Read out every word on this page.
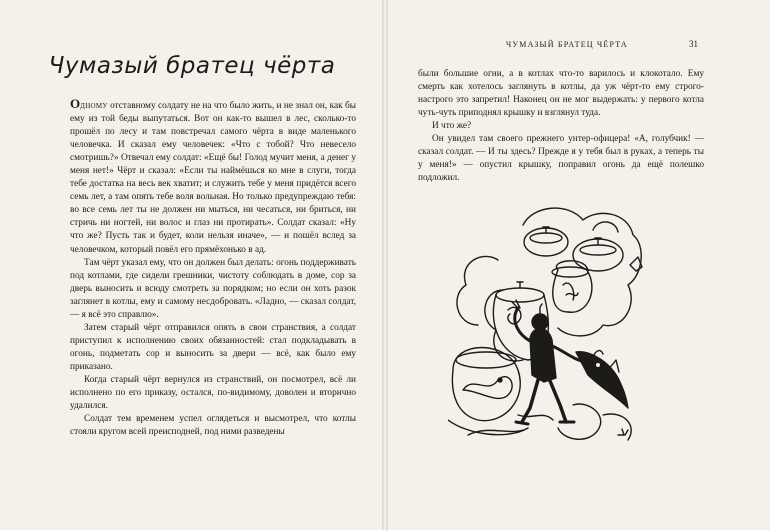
Чумазый братец чёрта

Одному отставному солдату не на что было жить, и не знал он, как бы ему из той беды выпутаться. Вот он как-то вышел в лес, сколько-то прошёл по лесу и там повстречал самого чёрта в виде маленького человечка. И сказал ему человечек: «Что с тобой? Что невесело смотришь?» Отвечал ему солдат: «Ещё бы! Голод мучит меня, а денег у меня нет!» Чёрт и сказал: «Если ты наймёшься ко мне в слуги, тогда тебе достатка на весь век хватит; и служить тебе у меня придётся всего семь лет, а там опять тебе воля вольная. Но только предупреждаю тебя: во все семь лет ты не должен ни мыться, ни чесаться, ни бриться, ни стричь ни ногтей, ни волос и глаз ни протирать». Солдат сказал: «Ну что же? Пусть так и будет, коли нельзя иначе», — и пошёл вслед за человечком, который повёл его прямёхонько в ад.

Там чёрт указал ему, что он должен был делать: огонь поддерживать под котлами, где сидели грешники, чистоту соблюдать в доме, сор за дверь выносить и всюду смотреть за порядком; но если он хоть разок заглянет в котлы, ему и самому несдобровать. «Ладно, — сказал солдат, — я всё это справлю».

Затем старый чёрт отправился опять в свои странствия, а солдат приступил к исполнению своих обязанностей: стал подкладывать в огонь, подметать сор и выносить за двери — всё, как было ему приказано.

Когда старый чёрт вернулся из странствий, он посмотрел, всё ли исполнено по его приказу, остался, по-видимому, доволен и вторично удалился.

Солдат тем временем успел оглядеться и высмотрел, что котлы стояли кругом всей преисподней, под ними разведены

ЧУМАЗЫЙ БРАТЕЦ ЧЁРТА	31

были большие огни, а в котлах что-то варилось и клокотало. Ему смерть как хотелось заглянуть в котлы, да уж чёрт-то ему строго-настрого это запретил! Наконец он не мог выдержать: у первого котла чуть-чуть приподнял крышку и взглянул туда.

И что же?

Он увидел там своего прежнего унтер-офицера! «А, голубчик! — сказал солдат. — И ты здесь? Прежде я у тебя был в руках, а теперь ты у меня!» — опустил крышку, поправил огонь да ещё полешко подложил.
